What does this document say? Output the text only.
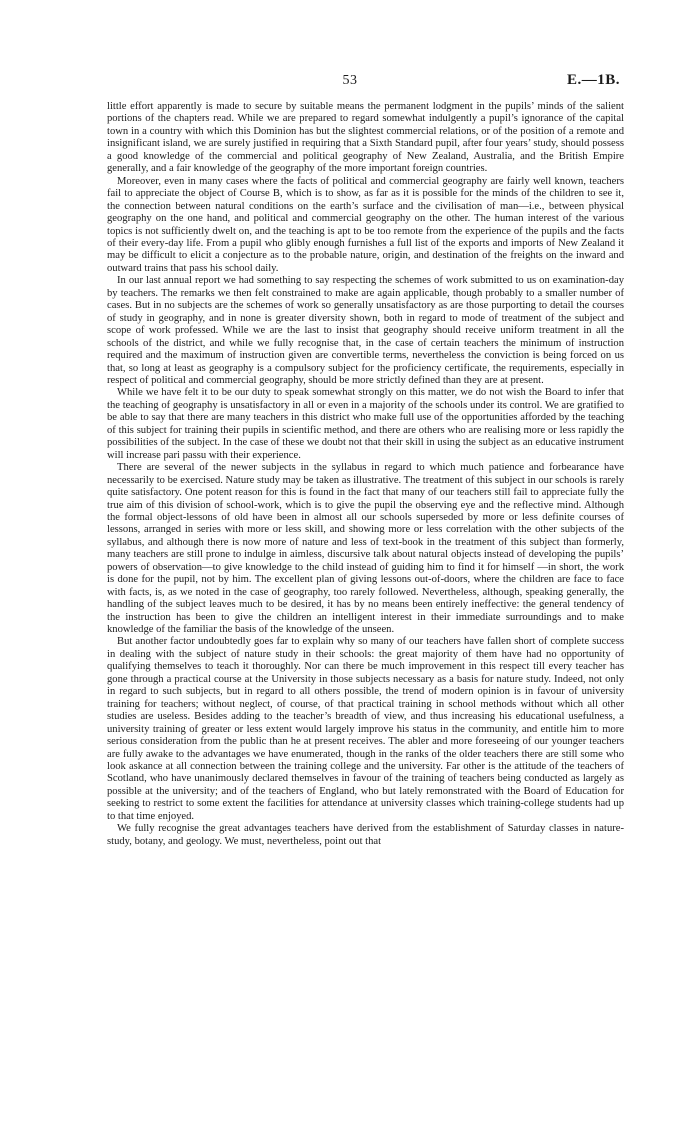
53	E.—1B.

little effort apparently is made to secure by suitable means the permanent lodgment in the pupils’ minds of the salient portions of the chapters read. While we are prepared to regard somewhat indulgently a pupil’s ignorance of the capital town in a country with which this Dominion has but the slightest commercial relations, or of the position of a remote and insignificant island, we are surely justified in requiring that a Sixth Standard pupil, after four years’ study, should possess a good knowledge of the commercial and political geography of New Zealand, Australia, and the British Empire generally, and a fair knowledge of the geography of the more important foreign countries.

Moreover, even in many cases where the facts of political and commercial geography are fairly well known, teachers fail to appreciate the object of Course B, which is to show, as far as it is possible for the minds of the children to see it, the connection between natural conditions on the earth’s surface and the civilisation of man—i.e., between physical geography on the one hand, and political and commercial geography on the other. The human interest of the various topics is not sufficiently dwelt on, and the teaching is apt to be too remote from the experience of the pupils and the facts of their every-day life. From a pupil who glibly enough furnishes a full list of the exports and imports of New Zealand it may be difficult to elicit a conjecture as to the probable nature, origin, and destination of the freights on the inward and outward trains that pass his school daily.

In our last annual report we had something to say respecting the schemes of work submitted to us on examination-day by teachers. The remarks we then felt constrained to make are again applicable, though probably to a smaller number of cases. But in no subjects are the schemes of work so generally unsatisfactory as are those purporting to detail the courses of study in geography, and in none is greater diversity shown, both in regard to mode of treatment of the subject and scope of work professed. While we are the last to insist that geography should receive uniform treatment in all the schools of the district, and while we fully recognise that, in the case of certain teachers the minimum of instruction required and the maximum of instruction given are convertible terms, nevertheless the conviction is being forced on us that, so long at least as geography is a compulsory subject for the proficiency certificate, the requirements, especially in respect of political and commercial geography, should be more strictly defined than they are at present.

While we have felt it to be our duty to speak somewhat strongly on this matter, we do not wish the Board to infer that the teaching of geography is unsatisfactory in all or even in a majority of the schools under its control. We are gratified to be able to say that there are many teachers in this district who make full use of the opportunities afforded by the teaching of this subject for training their pupils in scientific method, and there are others who are realising more or less rapidly the possibilities of the subject. In the case of these we doubt not that their skill in using the subject as an educative instrument will increase pari passu with their experience.

There are several of the newer subjects in the syllabus in regard to which much patience and forbearance have necessarily to be exercised. Nature study may be taken as illustrative. The treatment of this subject in our schools is rarely quite satisfactory. One potent reason for this is found in the fact that many of our teachers still fail to appreciate fully the true aim of this division of school-work, which is to give the pupil the observing eye and the reflective mind. Although the formal object-lessons of old have been in almost all our schools superseded by more or less definite courses of lessons, arranged in series with more or less skill, and showing more or less correlation with the other subjects of the syllabus, and although there is now more of nature and less of text-book in the treatment of this subject than formerly, many teachers are still prone to indulge in aimless, discursive talk about natural objects instead of developing the pupils’ powers of observation—to give knowledge to the child instead of guiding him to find it for himself —in short, the work is done for the pupil, not by him. The excellent plan of giving lessons out-of-doors, where the children are face to face with facts, is, as we noted in the case of geography, too rarely followed. Nevertheless, although, speaking generally, the handling of the subject leaves much to be desired, it has by no means been entirely ineffective: the general tendency of the instruction has been to give the children an intelligent interest in their immediate surroundings and to make knowledge of the familiar the basis of the knowledge of the unseen.

But another factor undoubtedly goes far to explain why so many of our teachers have fallen short of complete success in dealing with the subject of nature study in their schools: the great majority of them have had no opportunity of qualifying themselves to teach it thoroughly. Nor can there be much improvement in this respect till every teacher has gone through a practical course at the University in those subjects necessary as a basis for nature study. Indeed, not only in regard to such subjects, but in regard to all others possible, the trend of modern opinion is in favour of university training for teachers; without neglect, of course, of that practical training in school methods without which all other studies are useless. Besides adding to the teacher’s breadth of view, and thus increasing his educational usefulness, a university training of greater or less extent would largely improve his status in the community, and entitle him to more serious consideration from the public than he at present receives. The abler and more foreseeing of our younger teachers are fully awake to the advantages we have enumerated, though in the ranks of the older teachers there are still some who look askance at all connection between the training college and the university. Far other is the attitude of the teachers of Scotland, who have unanimously declared themselves in favour of the training of teachers being conducted as largely as possible at the university; and of the teachers of England, who but lately remonstrated with the Board of Education for seeking to restrict to some extent the facilities for attendance at university classes which training-college students had up to that time enjoyed.

We fully recognise the great advantages teachers have derived from the establishment of Saturday classes in nature-study, botany, and geology. We must, nevertheless, point out that
